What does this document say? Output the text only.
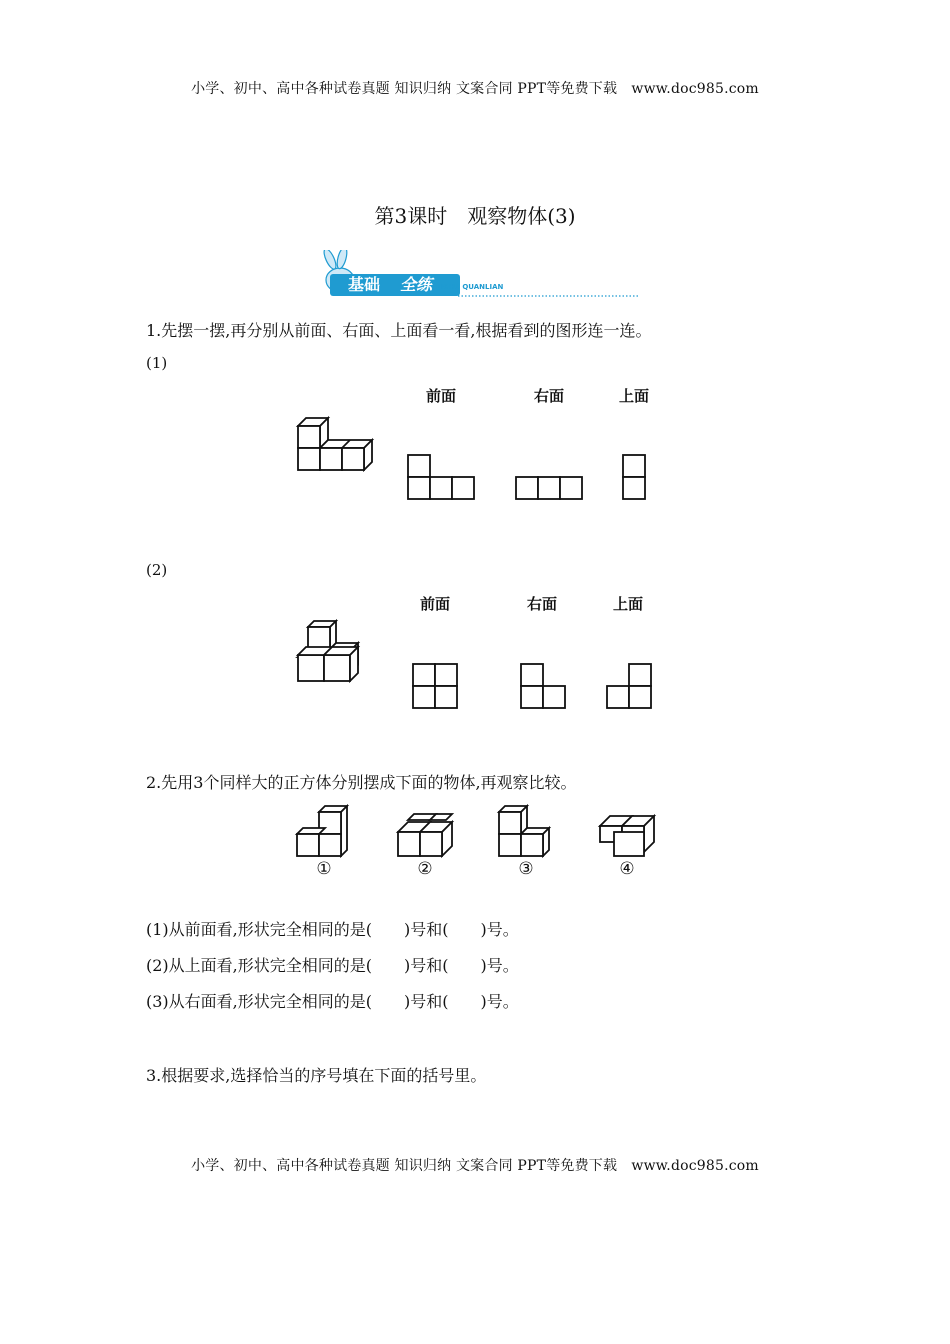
小学、初中、高中各种试卷真题 知识归纳 文案合同 PPT等免费下载　www.doc985.com
第3课时　观察物体(3)
基础	全练 JICHU QUANLIAN
1.先摆一摆,再分别从前面、右面、上面看一看,根据看到的图形连一连。
(1)
前面	右面	上面
(2)
前面	右面	上面
2.先用3个同样大的正方体分别摆成下面的物体,再观察比较。
①	②	③	④
(1)从前面看,形状完全相同的是(　　)号和(　　)号。
(2)从上面看,形状完全相同的是(　　)号和(　　)号。
(3)从右面看,形状完全相同的是(　　)号和(　　)号。
3.根据要求,选择恰当的序号填在下面的括号里。
小学、初中、高中各种试卷真题 知识归纳 文案合同 PPT等免费下载　www.doc985.com
